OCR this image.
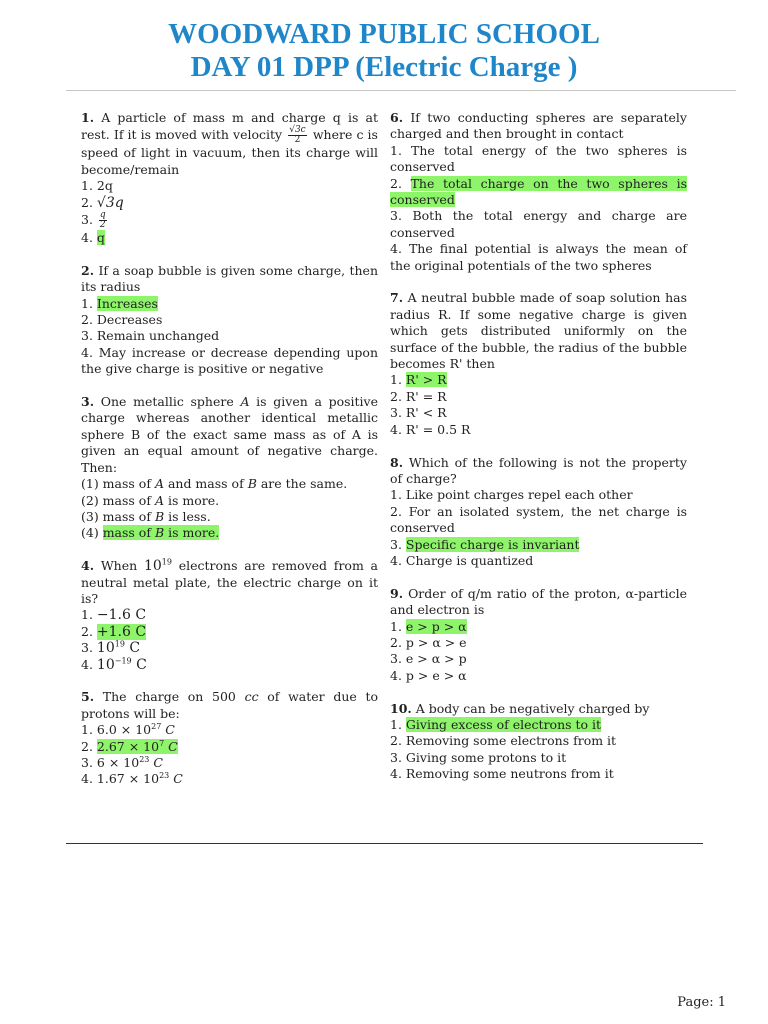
WOODWARD PUBLIC SCHOOL
DAY 01 DPP (Electric Charge )
1. A particle of mass m and charge q is at rest. If it is moved with velocity $\frac{√3c}{2}$ where c is speed of light in vacuum, then its charge will become/remain
1. 2q
2. √3q
3. $\frac{q}{2}$
4. q
2. If a soap bubble is given some charge, then its radius
1. Increases
2. Decreases
3. Remain unchanged
4. May increase or decrease depending upon the give charge is positive or negative
3. One metallic sphere A is given a positive charge whereas another identical metallic sphere B of the exact same mass as of A is given an equal amount of negative charge. Then:
(1) mass of A and mass of B are the same.
(2) mass of A is more.
(3) mass of B is less.
(4) mass of B is more.
4. When $10^{19}$ electrons are removed from a neutral metal plate, the electric charge on it is?
1. −1.6 C
2. +1.6 C
3. $10^{19}$ C
4. $10^{-19}$ C
5. The charge on 500 cc of water due to protons will be:
1. $6.0 \times 10^{27}$ C
2. $2.67 \times 10^7$ C
3. $6 \times 10^{23}$ C
4. $1.67 \times 10^{23}$ C
6. If two conducting spheres are separately charged and then brought in contact
1. The total energy of the two spheres is conserved
2. The total charge on the two spheres is conserved
3. Both the total energy and charge are conserved
4. The final potential is always the mean of the original potentials of the two spheres
7. A neutral bubble made of soap solution has radius R. If some negative charge is given which gets distributed uniformly on the surface of the bubble, the radius of the bubble becomes R' then
1. R' > R
2. R' = R
3. R' < R
4. R' = 0.5 R
8. Which of the following is not the property of charge?
1. Like point charges repel each other
2. For an isolated system, the net charge is conserved
3. Specific charge is invariant
4. Charge is quantized
9. Order of q/m ratio of the proton, α-particle and electron is
1. e > p > α
2. p > α > e
3. e > α > p
4. p > e > α
10. A body can be negatively charged by
1. Giving excess of electrons to it
2. Removing some electrons from it
3. Giving some protons to it
4. Removing some neutrons from it
Page: 1
